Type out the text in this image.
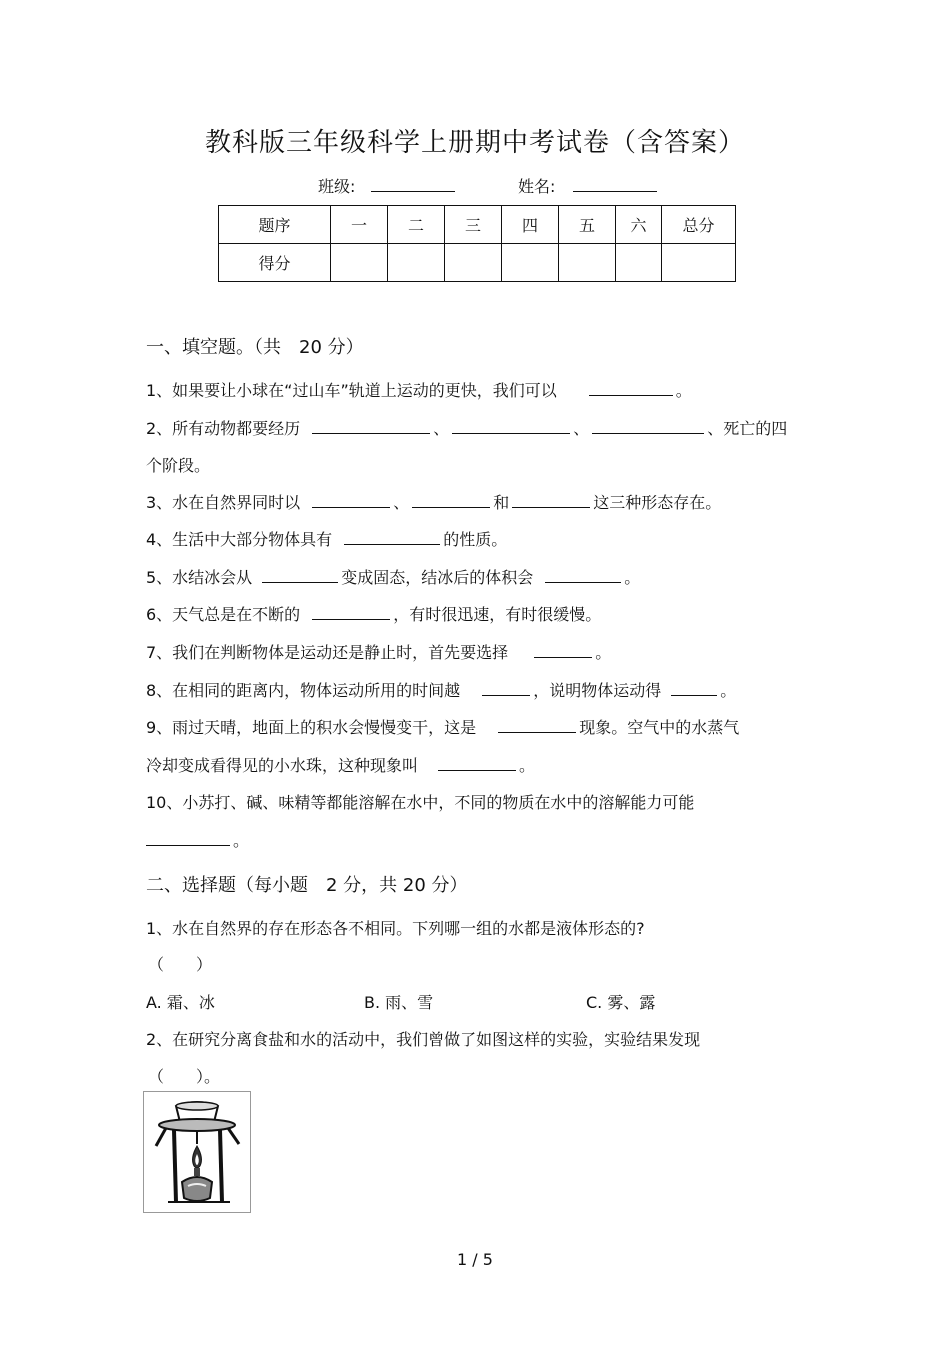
教科版三年级科学上册期中考试卷（含答案）
班级:	姓名:
题序	一	二	三	四	五	六	总分
得分							
一、填空题。（共　20 分）
1、如果要让小球在“过山车”轨道上运动的更快，我们可以	。
2、所有动物都要经历	、	、	、死亡的四
个阶段。
3、水在自然界同时以	、	和	这三种形态存在。
4、生活中大部分物体具有	的性质。
5、水结冰会从	变成固态，结冰后的体积会	。
6、天气总是在不断的	，有时很迅速，有时很缓慢。
7、我们在判断物体是运动还是静止时，首先要选择	。
8、在相同的距离内，物体运动所用的时间越	，说明物体运动得	。
9、雨过天晴，地面上的积水会慢慢变干，这是	现象。空气中的水蒸气
冷却变成看得见的小水珠，这种现象叫	。
10、小苏打、碱、味精等都能溶解在水中，不同的物质在水中的溶解能力可能
。
二、选择题（每小题　2 分，共 20 分）
1、水在自然界的存在形态各不相同。下列哪一组的水都是液体形态的?
（　　）
A. 霜、冰	B. 雨、雪	C. 雾、露
2、在研究分离食盐和水的活动中，我们曾做了如图这样的实验，实验结果发现
（　　）。
1 / 5
